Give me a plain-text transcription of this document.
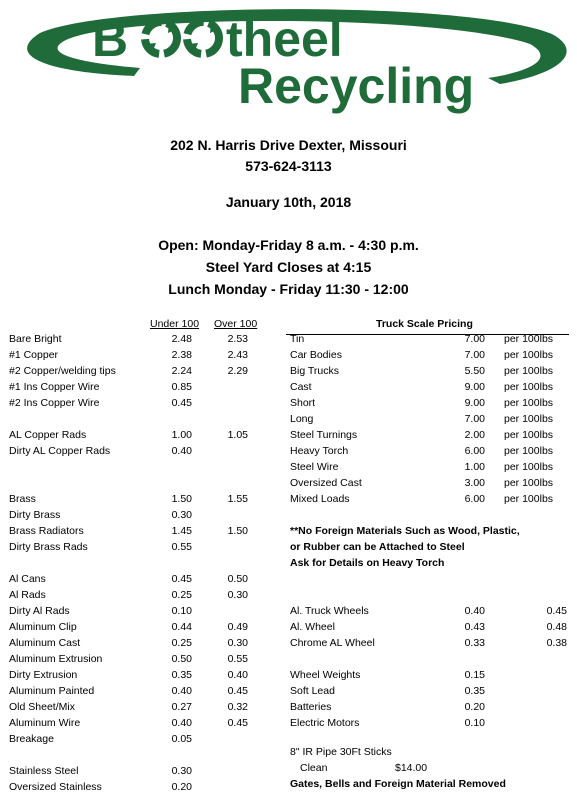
B theel
Recycling
202 N. Harris Drive Dexter, Missouri
573-624-3113
January 10th, 2018
Open: Monday-Friday 8 a.m. - 4:30 p.m.
Steel Yard Closes at 4:15
Lunch Monday - Friday 11:30 - 12:00
Under 100 Over 100
Bare Bright	2.48	2.53
#1 Copper	2.38	2.43
#2 Copper/welding tips	2.24	2.29
#1 Ins Copper Wire	0.85
#2 Ins Copper Wire	0.45
AL Copper Rads	1.00	1.05
Dirty AL Copper Rads	0.40
Brass	1.50	1.55
Dirty Brass	0.30
Brass Radiators	1.45	1.50
Dirty Brass Rads	0.55
Al Cans	0.45	0.50
Al Rads	0.25	0.30
Dirty Al Rads	0.10
Aluminum Clip	0.44	0.49
Aluminum Cast	0.25	0.30
Aluminum Extrusion	0.50	0.55
Dirty Extrusion	0.35	0.40
Aluminum Painted	0.40	0.45
Old Sheet/Mix	0.27	0.32
Aluminum Wire	0.40	0.45
Breakage	0.05
Stainless Steel	0.30
Oversized Stainless	0.20
Truck Scale Pricing
Tin	7.00 per 100lbs
Car Bodies	7.00 per 100lbs
Big Trucks	5.50 per 100lbs
Cast	9.00 per 100lbs
Short	9.00 per 100lbs
Long	7.00 per 100lbs
Steel Turnings	2.00 per 100lbs
Heavy Torch	6.00 per 100lbs
Steel Wire	1.00 per 100lbs
Oversized Cast	3.00 per 100lbs
Mixed Loads	6.00 per 100lbs
**No Foreign Materials Such as Wood, Plastic,
or Rubber can be Attached to Steel
Ask for Details on Heavy Torch
Al. Truck Wheels	0.40	0.45
Al. Wheel	0.43	0.48
Chrome AL Wheel	0.33	0.38
Wheel Weights	0.15
Soft Lead	0.35
Batteries	0.20
Electric Motors	0.10
8" IR Pipe 30Ft Sticks
Clean	$14.00
Gates, Bells and Foreign Material Removed
